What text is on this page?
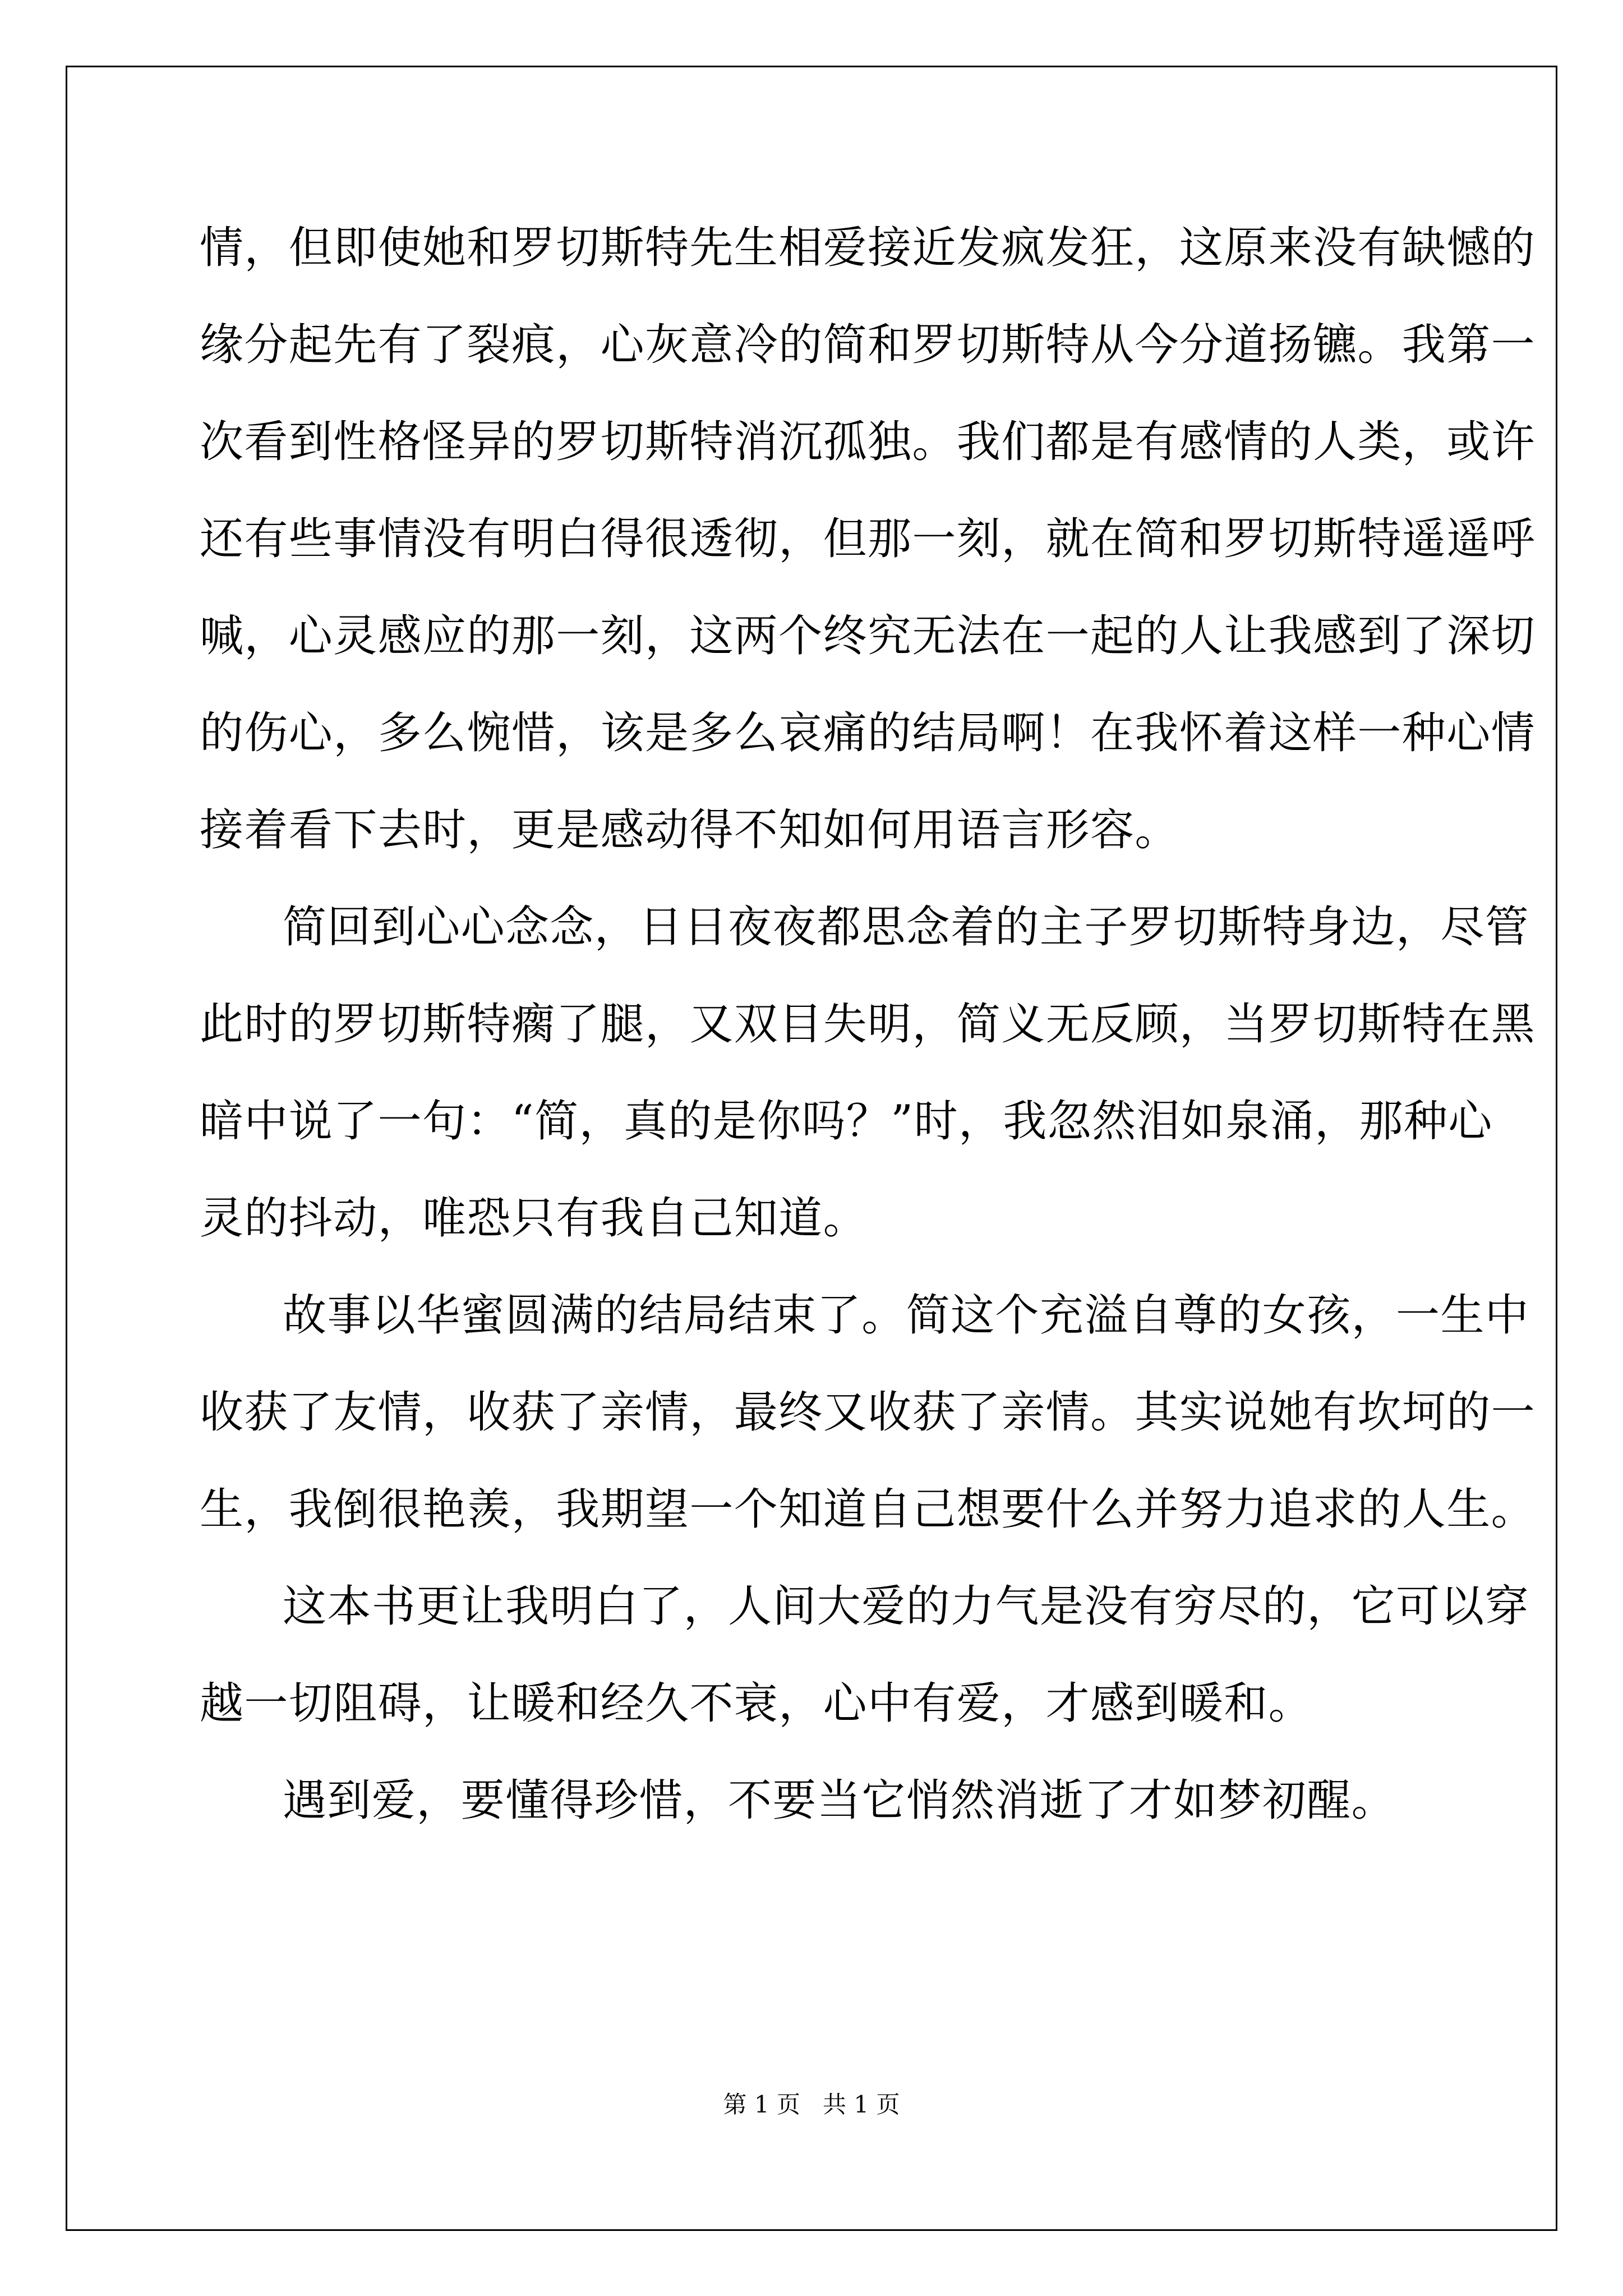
情，但即使她和罗切斯特先生相爱接近发疯发狂，这原来没有缺憾的
缘分起先有了裂痕，心灰意冷的简和罗切斯特从今分道扬镳。我第一
次看到性格怪异的罗切斯特消沉孤独。我们都是有感情的人类，或许
还有些事情没有明白得很透彻，但那一刻，就在简和罗切斯特遥遥呼
喊，心灵感应的那一刻，这两个终究无法在一起的人让我感到了深切
的伤心，多么惋惜，该是多么哀痛的结局啊！在我怀着这样一种心情
接着看下去时，更是感动得不知如何用语言形容。
简回到心心念念，日日夜夜都思念着的主子罗切斯特身边，尽管
此时的罗切斯特瘸了腿，又双目失明，简义无反顾，当罗切斯特在黑
暗中说了一句：“简，真的是你吗？”时，我忽然泪如泉涌，那种心
灵的抖动，唯恐只有我自己知道。
故事以华蜜圆满的结局结束了。简这个充溢自尊的女孩，一生中
收获了友情，收获了亲情，最终又收获了亲情。其实说她有坎坷的一
生，我倒很艳羡，我期望一个知道自己想要什么并努力追求的人生。
这本书更让我明白了，人间大爱的力气是没有穷尽的，它可以穿
越一切阻碍，让暖和经久不衰，心中有爱，才感到暖和。
遇到爱，要懂得珍惜，不要当它悄然消逝了才如梦初醒。
第 1 页   共 1 页
